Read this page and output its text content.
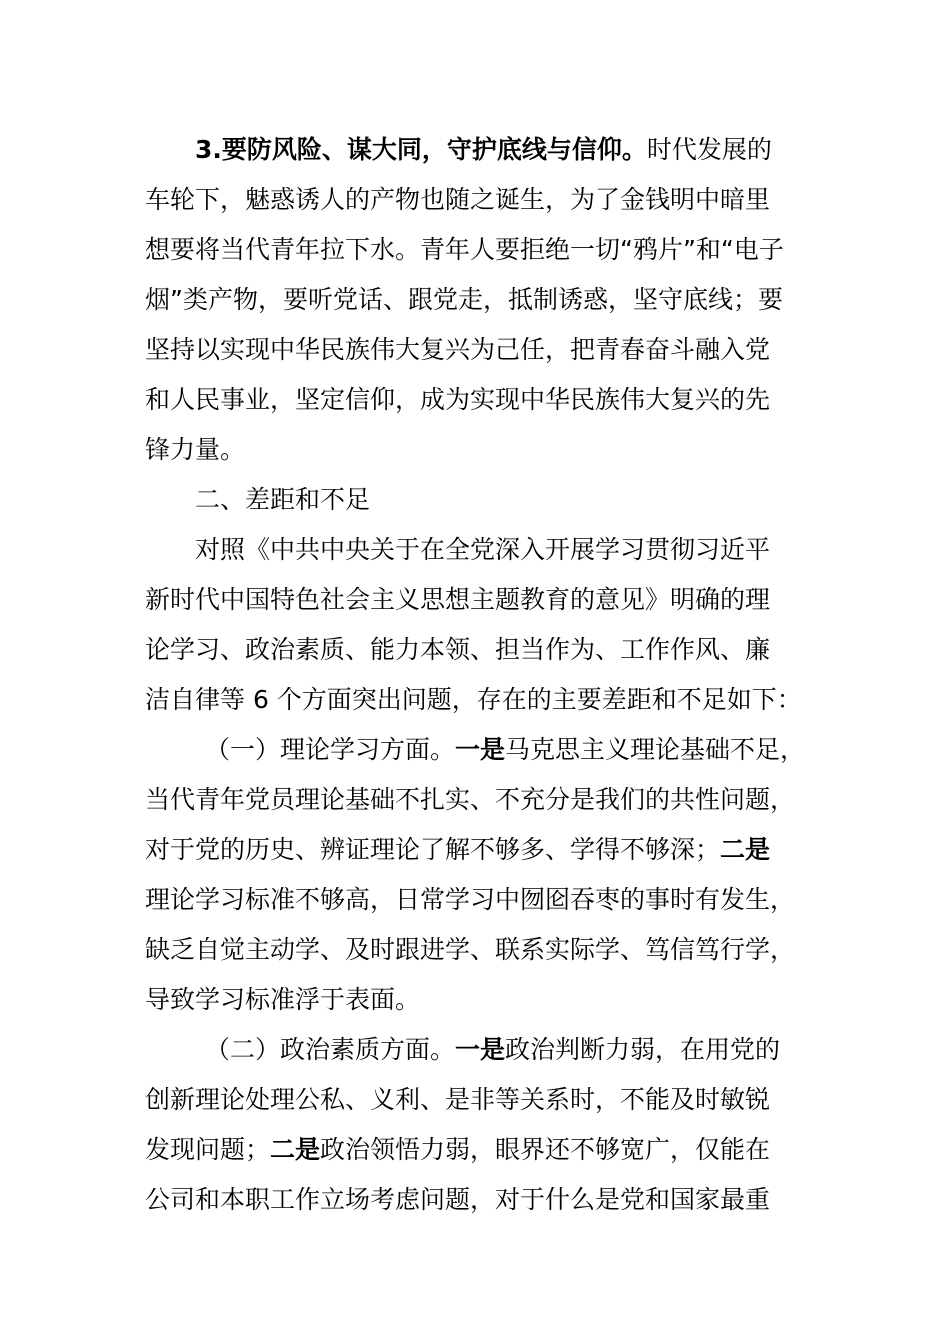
3.要防风险、谋大同，守护底线与信仰。时代发展的
车轮下，魅惑诱人的产物也随之诞生，为了金钱明中暗里
想要将当代青年拉下水。青年人要拒绝一切“鸦片”和“电子
烟”类产物，要听党话、跟党走，抵制诱惑，坚守底线；要
坚持以实现中华民族伟大复兴为己任，把青春奋斗融入党
和人民事业，坚定信仰，成为实现中华民族伟大复兴的先
锋力量。
二、差距和不足
对照《中共中央关于在全党深入开展学习贯彻习近平
新时代中国特色社会主义思想主题教育的意见》明确的理
论学习、政治素质、能力本领、担当作为、工作作风、廉
洁自律等 6 个方面突出问题，存在的主要差距和不足如下：
（一）理论学习方面。一是马克思主义理论基础不足，
当代青年党员理论基础不扎实、不充分是我们的共性问题，
对于党的历史、辨证理论了解不够多、学得不够深；二是
理论学习标准不够高，日常学习中囫囵吞枣的事时有发生，
缺乏自觉主动学、及时跟进学、联系实际学、笃信笃行学，
导致学习标准浮于表面。
（二）政治素质方面。一是政治判断力弱，在用党的
创新理论处理公私、义利、是非等关系时，不能及时敏锐
发现问题；二是政治领悟力弱，眼界还不够宽广，仅能在
公司和本职工作立场考虑问题，对于什么是党和国家最重
